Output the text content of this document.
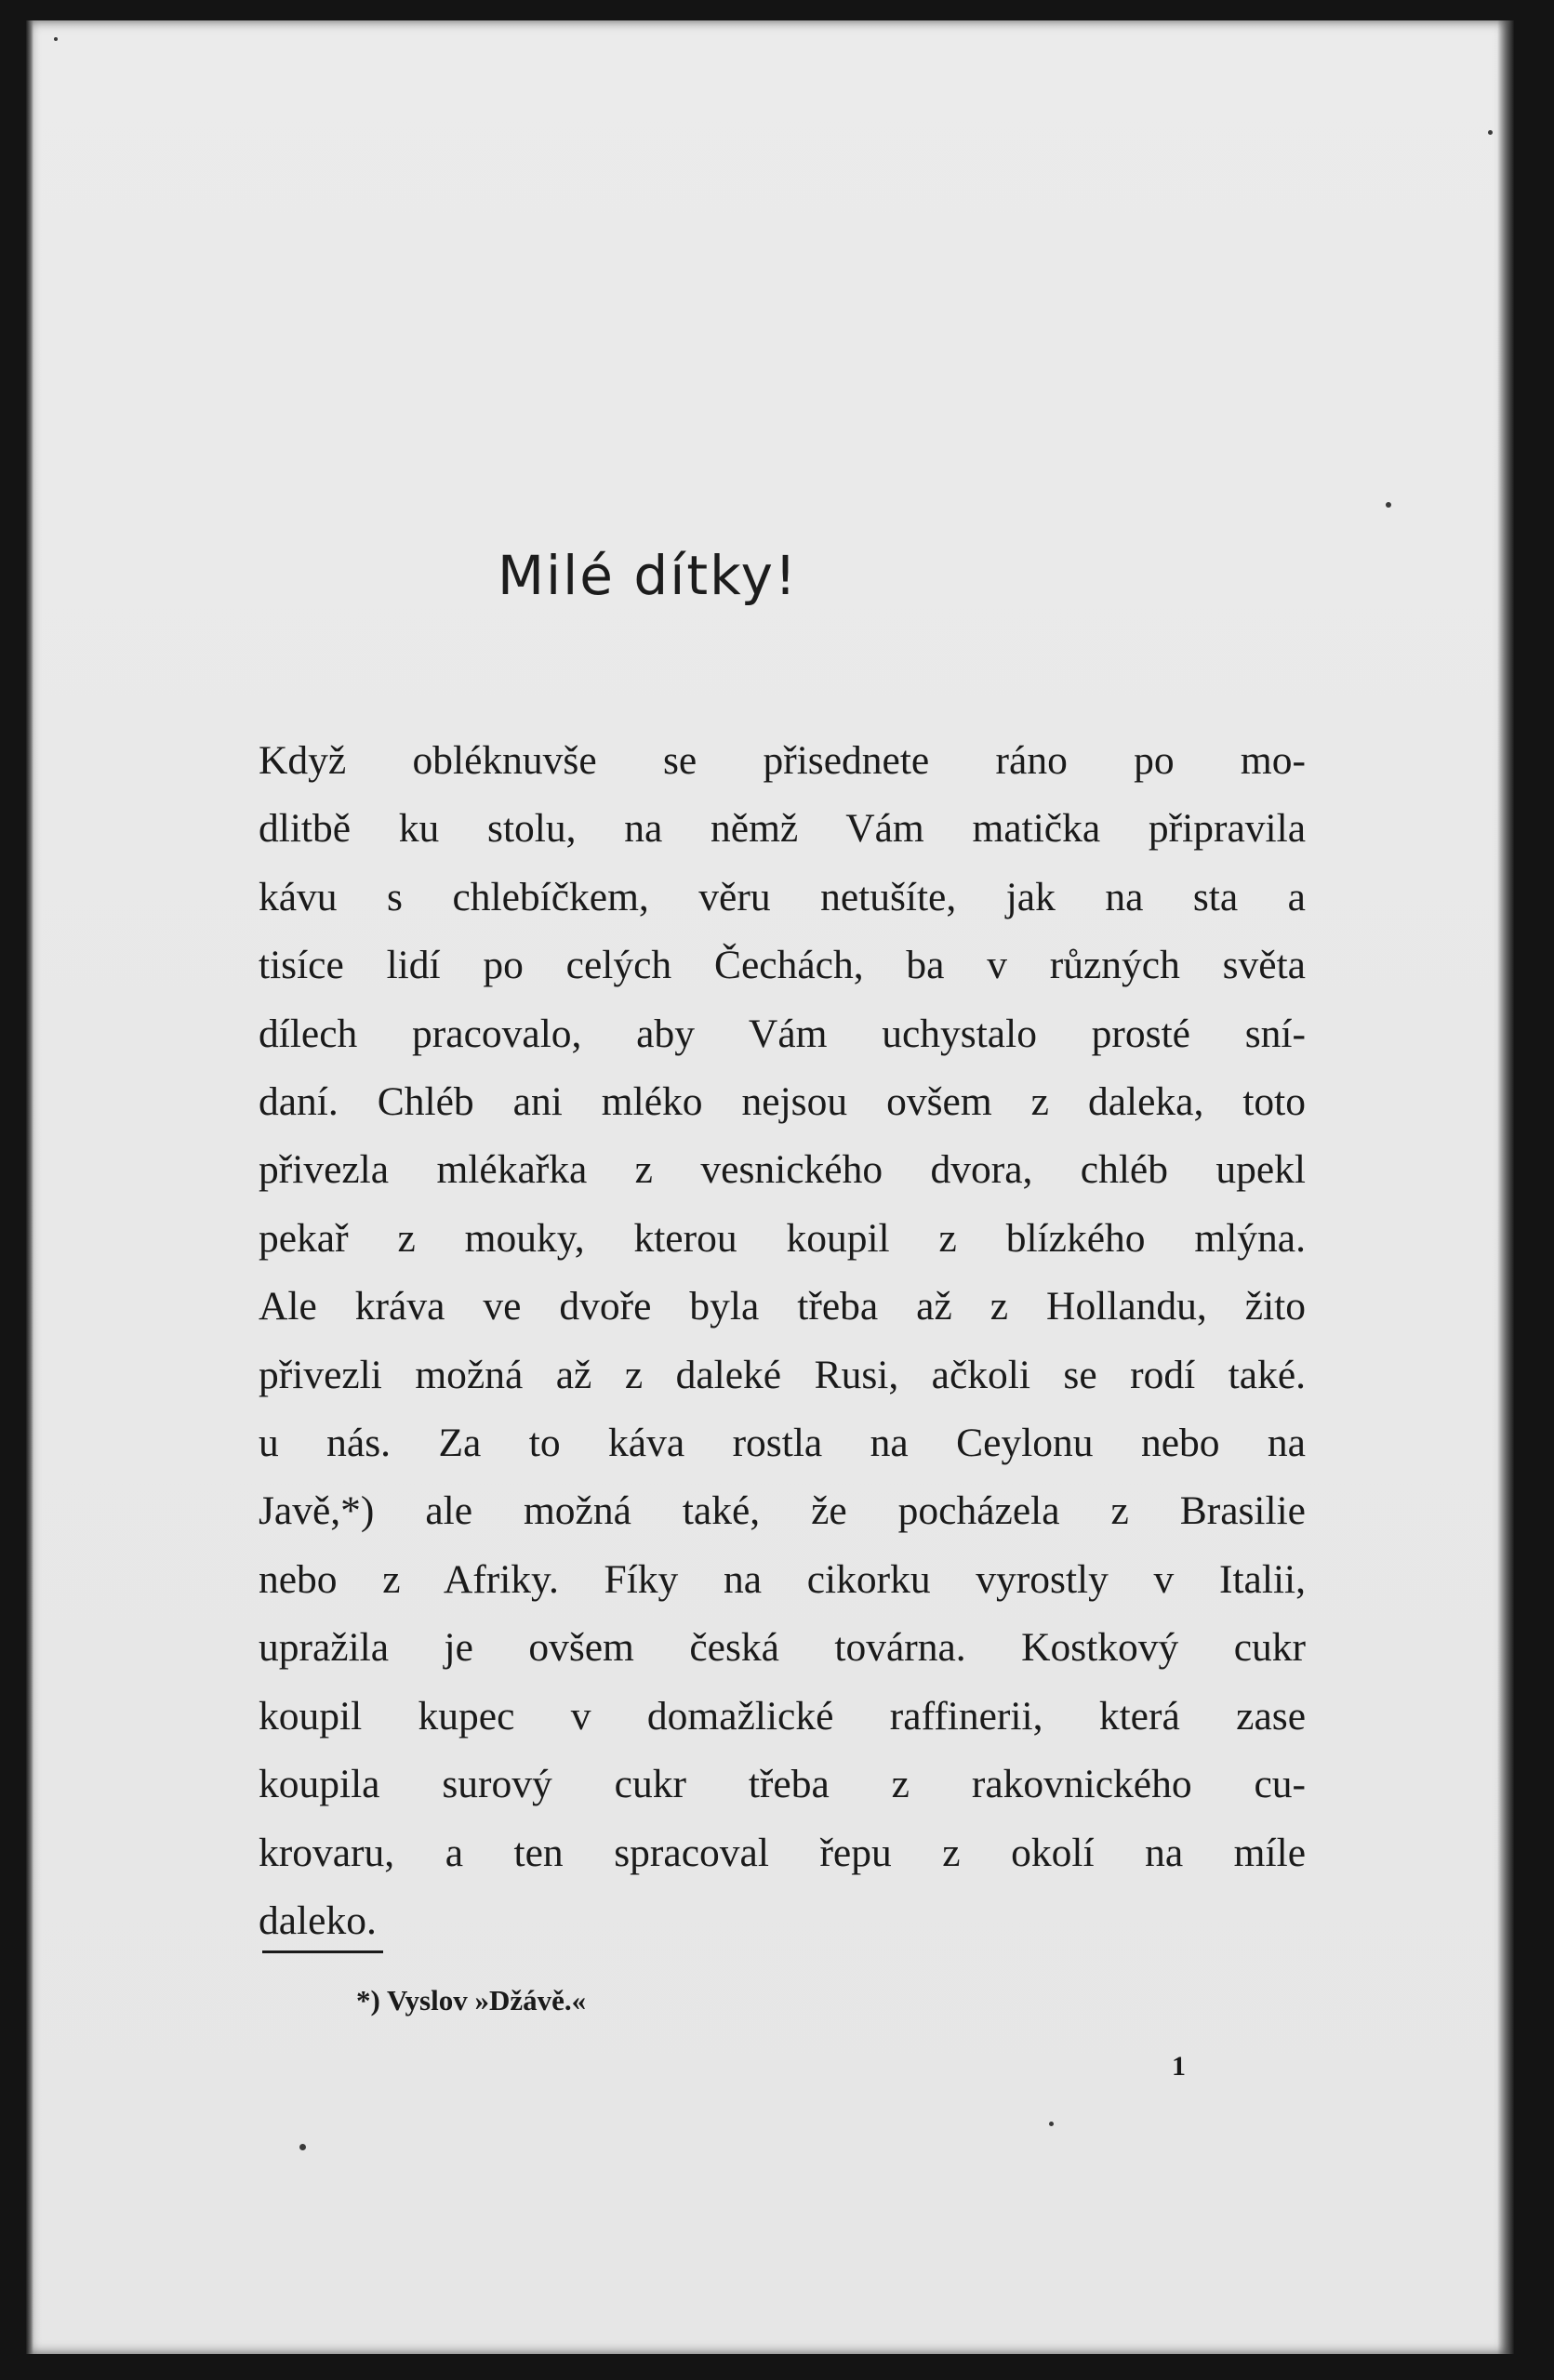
Milé dítky!
Když obléknuvše se přisednete ráno po mo-
dlitbě ku stolu, na němž Vám matička připravila
kávu s chlebíčkem, věru netušíte, jak na sta a
tisíce lidí po celých Čechách, ba v různých světa
dílech pracovalo, aby Vám uchystalo prosté sní-
daní. Chléb ani mléko nejsou ovšem z daleka, toto
přivezla mlékařka z vesnického dvora, chléb upekl
pekař z mouky, kterou koupil z blízkého mlýna.
Ale kráva ve dvoře byla třeba až z Hollandu, žito
přivezli možná až z daleké Rusi, ačkoli se rodí také.
u nás. Za to káva rostla na Ceylonu nebo na
Javě,*) ale možná také, že pocházela z Brasilie
nebo z Afriky. Fíky na cikorku vyrostly v Italii,
upražila je ovšem česká továrna. Kostkový cukr
koupil kupec v domažlické raffinerii, která zase
koupila surový cukr třeba z rakovnického cu-
krovaru, a ten spracoval řepu z okolí na míle
daleko.

*) Vyslov »Džávě.«

1
